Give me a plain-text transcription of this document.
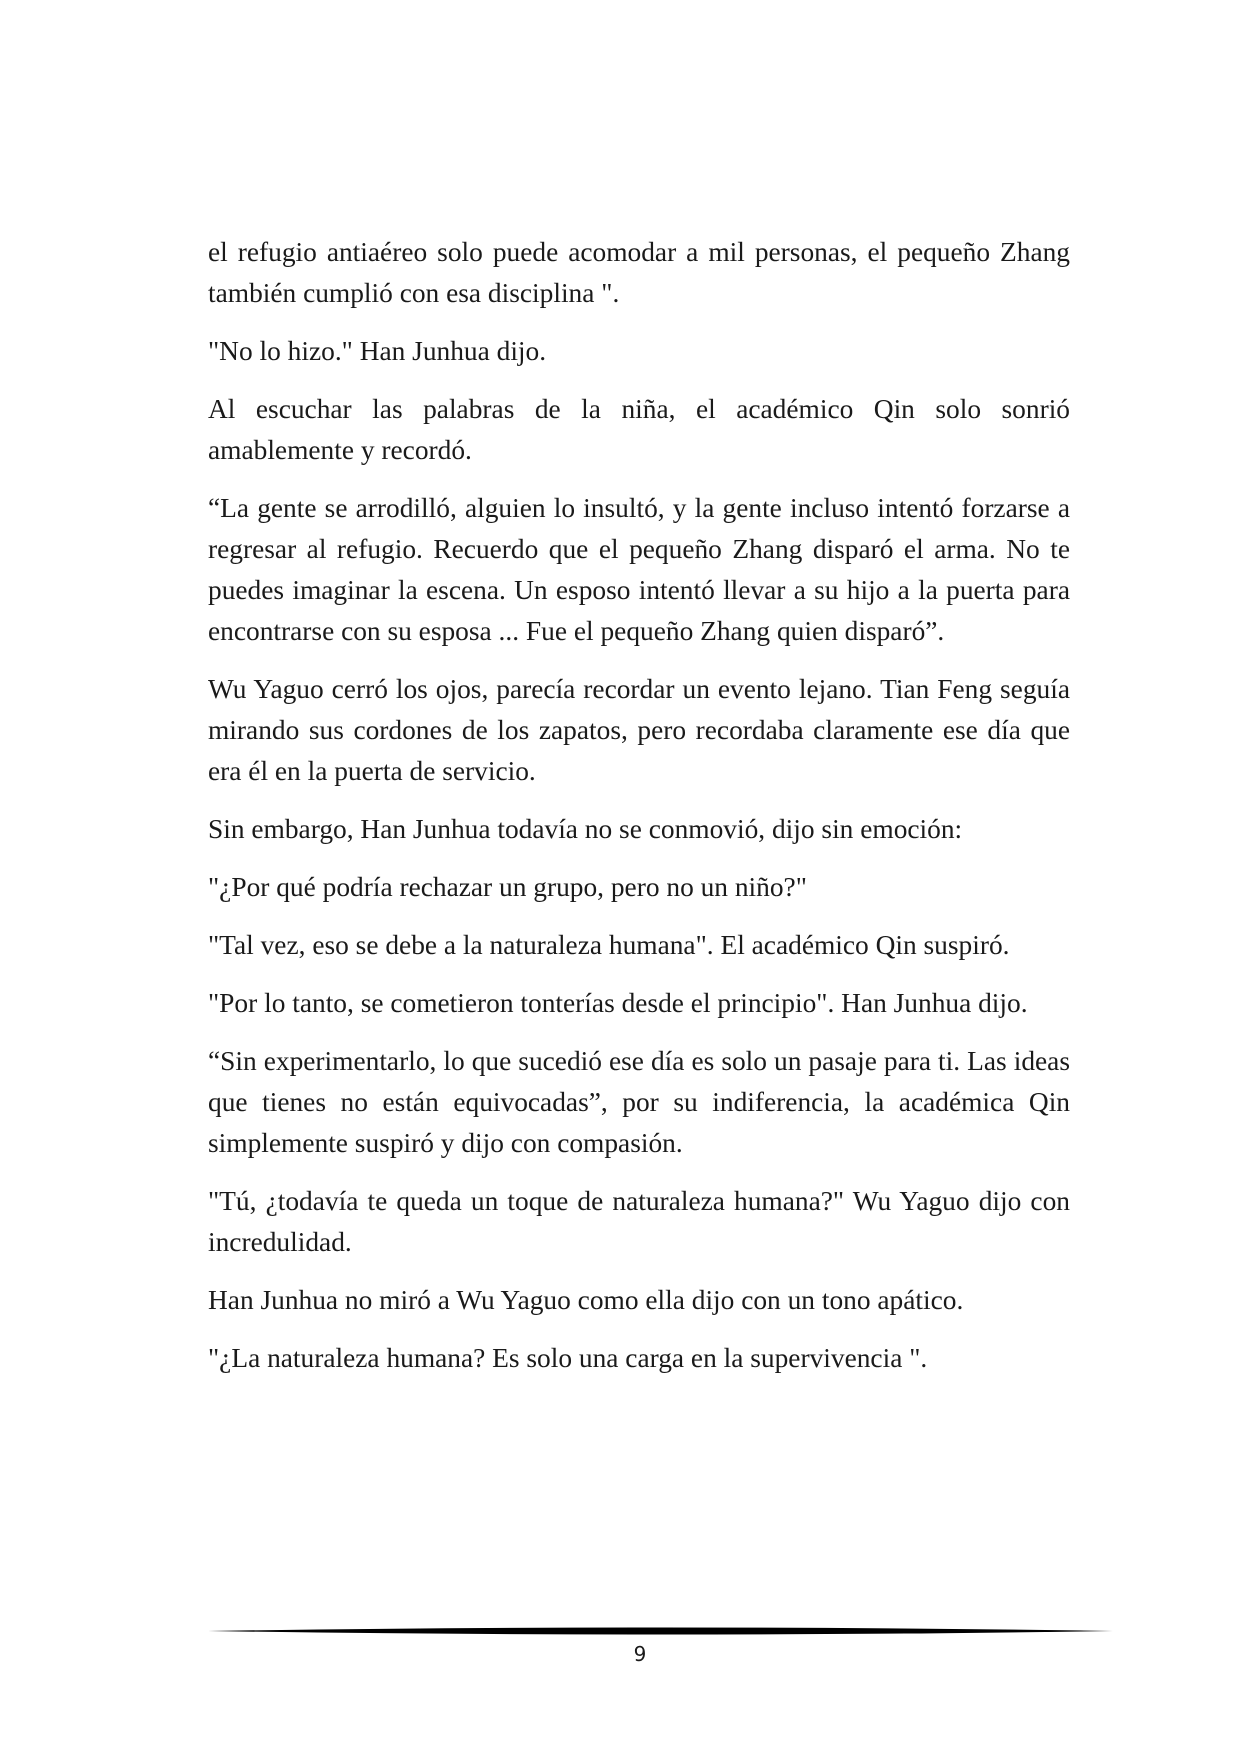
el refugio antiaéreo solo puede acomodar a mil personas, el pequeño Zhang también cumplió con esa disciplina ".

"No lo hizo." Han Junhua dijo.

Al escuchar las palabras de la niña, el académico Qin solo sonrió amablemente y recordó.

“La gente se arrodilló, alguien lo insultó, y la gente incluso intentó forzarse a regresar al refugio. Recuerdo que el pequeño Zhang disparó el arma. No te puedes imaginar la escena. Un esposo intentó llevar a su hijo a la puerta para encontrarse con su esposa ... Fue el pequeño Zhang quien disparó”.

Wu Yaguo cerró los ojos, parecía recordar un evento lejano. Tian Feng seguía mirando sus cordones de los zapatos, pero recordaba claramente ese día que era él en la puerta de servicio.

Sin embargo, Han Junhua todavía no se conmovió, dijo sin emoción:

"¿Por qué podría rechazar un grupo, pero no un niño?"

"Tal vez, eso se debe a la naturaleza humana". El académico Qin suspiró.

"Por lo tanto, se cometieron tonterías desde el principio". Han Junhua dijo.

“Sin experimentarlo, lo que sucedió ese día es solo un pasaje para ti. Las ideas que tienes no están equivocadas”, por su indiferencia, la académica Qin simplemente suspiró y dijo con compasión.

"Tú, ¿todavía te queda un toque de naturaleza humana?" Wu Yaguo dijo con incredulidad.

Han Junhua no miró a Wu Yaguo como ella dijo con un tono apático.

"¿La naturaleza humana? Es solo una carga en la supervivencia ".

9
